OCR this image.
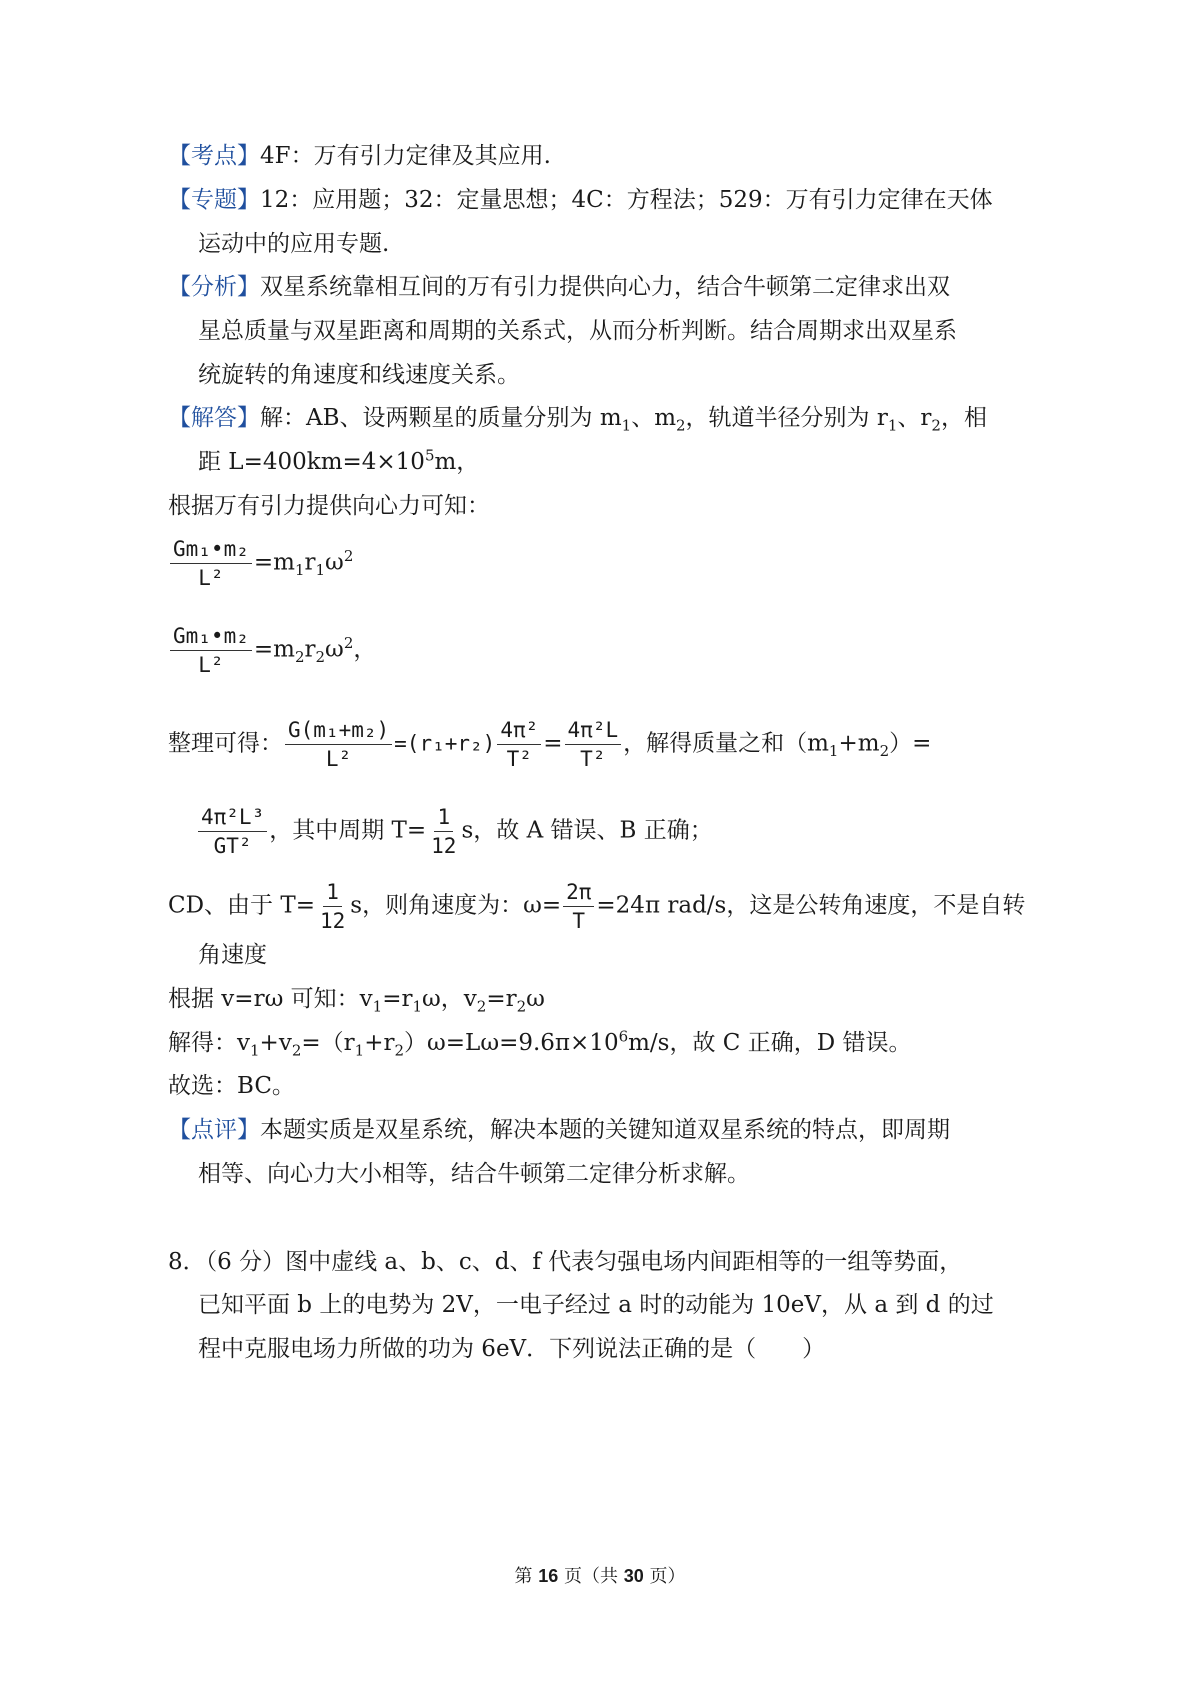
【考点】4F：万有引力定律及其应用.
【专题】12：应用题；32：定量思想；4C：方程法；529：万有引力定律在天体
运动中的应用专题.
【分析】双星系统靠相互间的万有引力提供向心力，结合牛顿第二定律求出双
星总质量与双星距离和周期的关系式，从而分析判断。结合周期求出双星系
统旋转的角速度和线速度关系。
【解答】解：AB、设两颗星的质量分别为 $m_1$、$m_2$，轨道半径分别为 $r_1$、$r_2$，相
距 $L=400km=4\times 10^5m$，
根据万有引力提供向心力可知：
$\frac{\text{Gm₁•m₂}}{\text{L²}} =m_1r_1\omega^2$
$\frac{\text{Gm₁•m₂}}{\text{L²}} =m_2r_2\omega^2$，
整理可得： $\frac{\text{G(m₁+m₂)}}{\text{L²}} =(r_1+r_2) \frac{\text{4π²}}{\text{T²}} = \frac{\text{4π²L}}{\text{T²}}$ ，解得质量之和$(m_1+m_2)=$
$\frac{\text{4π²L³}}{\text{GT²}}$ ，其中周期 $T= \frac{1}{12}$ s，故 A 错误、B 正确；
CD、由于 $T= \frac{1}{12}$ s，则角速度为：$\omega= \frac{2\pi}{T} =24\pi$ rad/s，这是公转角速度，不是自转
角速度
根据 v=rω 可知：$v_1=r_1\omega$，$v_2=r_2\omega$
解得：$v_1+v_2=(r_1+r_2)\omega=L\omega=9.6\pi\times 10^6m/s$，故 C 正确，D 错误。
故选：BC。
【点评】本题实质是双星系统，解决本题的关键知道双星系统的特点，即周期
相等、向心力大小相等，结合牛顿第二定律分析求解。
8．（6 分）图中虚线 a、b、c、d、f 代表匀强电场内间距相等的一组等势面，
已知平面 b 上的电势为 2V，一电子经过 a 时的动能为 10eV，从 a 到 d 的过
程中克服电场力所做的功为 6eV．下列说法正确的是（　　）
第 16 页（共 30 页）
